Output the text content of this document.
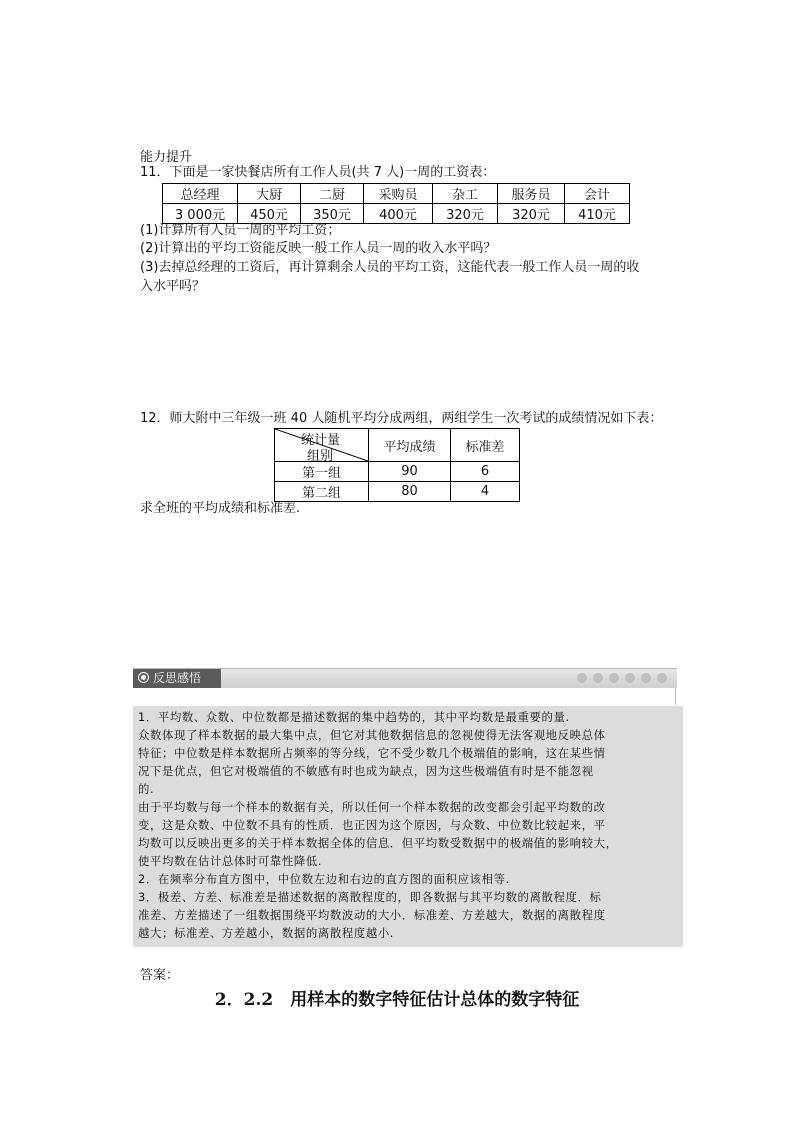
能力提升
11．下面是一家快餐店所有工作人员(共 7 人)一周的工资表：
总经理	大厨	二厨	采购员	杂工	服务员	会计
3 000元	450元	350元	400元	320元	320元	410元
(1)计算所有人员一周的平均工资；
(2)计算出的平均工资能反映一般工作人员一周的收入水平吗？
(3)去掉总经理的工资后，再计算剩余人员的平均工资，这能代表一般工作人员一周的收
入水平吗？
12．师大附中三年级一班 40 人随机平均分成两组，两组学生一次考试的成绩情况如下表：
统计量
组别	平均成绩	标准差
第一组	90	6
第二组	80	4
求全班的平均成绩和标准差.
反思感悟
1．平均数、众数、中位数都是描述数据的集中趋势的，其中平均数是最重要的量.
众数体现了样本数据的最大集中点，但它对其他数据信息的忽视使得无法客观地反映总体
特征；中位数是样本数据所占频率的等分线，它不受少数几个极端值的影响，这在某些情
况下是优点，但它对极端值的不敏感有时也成为缺点，因为这些极端值有时是不能忽视
的.
由于平均数与每一个样本的数据有关，所以任何一个样本数据的改变都会引起平均数的改
变，这是众数、中位数不具有的性质．也正因为这个原因，与众数、中位数比较起来，平
均数可以反映出更多的关于样本数据全体的信息．但平均数受数据中的极端值的影响较大，
使平均数在估计总体时可靠性降低.
2．在频率分布直方图中，中位数左边和右边的直方图的面积应该相等.
3．极差、方差、标准差是描述数据的离散程度的，即各数据与其平均数的离散程度．标
准差、方差描述了一组数据围绕平均数波动的大小．标准差、方差越大，数据的离散程度
越大；标准差、方差越小，数据的离散程度越小.
答案：
2．2.2　用样本的数字特征估计总体的数字特征
